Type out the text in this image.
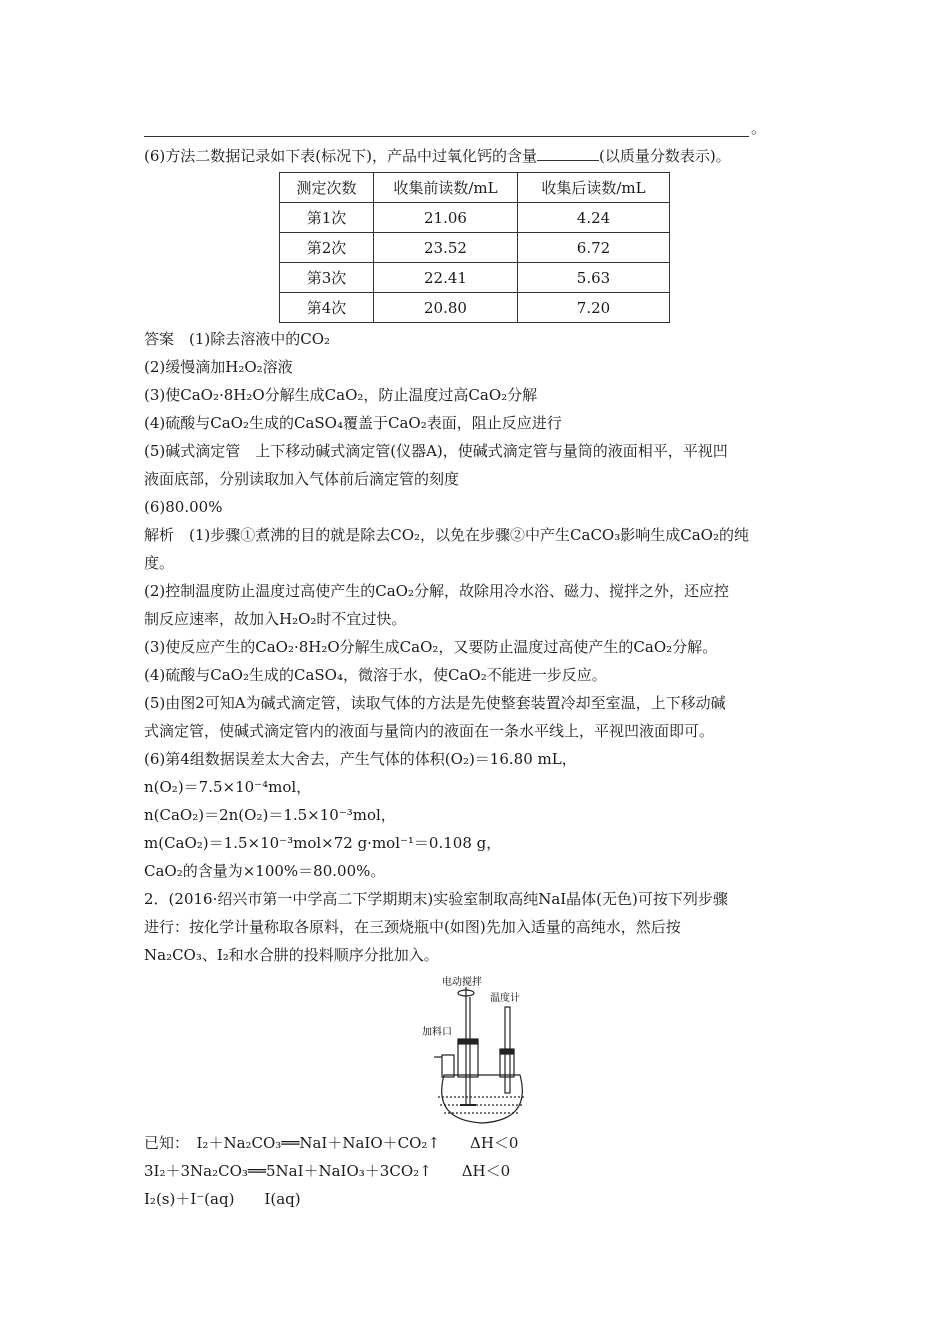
。

(6)方法二数据记录如下表(标况下)，产品中过氧化钙的含量	(以质量分数表示)。

测定次数	收集前读数/mL	收集后读数/mL
第1次	21.06	4.24
第2次	23.52	6.72
第3次	22.41	5.63
第4次	20.80	7.20

答案　(1)除去溶液中的CO₂

(2)缓慢滴加H₂O₂溶液

(3)使CaO₂·8H₂O分解生成CaO₂，防止温度过高CaO₂分解

(4)硫酸与CaO₂生成的CaSO₄覆盖于CaO₂表面，阻止反应进行

(5)碱式滴定管　上下移动碱式滴定管(仪器A)，使碱式滴定管与量筒的液面相平，平视凹

液面底部，分别读取加入气体前后滴定管的刻度

(6)80.00%

解析　(1)步骤①煮沸的目的就是除去CO₂，以免在步骤②中产生CaCO₃影响生成CaO₂的纯

度。

(2)控制温度防止温度过高使产生的CaO₂分解，故除用冷水浴、磁力、搅拌之外，还应控

制反应速率，故加入H₂O₂时不宜过快。

(3)使反应产生的CaO₂·8H₂O分解生成CaO₂，又要防止温度过高使产生的CaO₂分解。

(4)硫酸与CaO₂生成的CaSO₄，微溶于水，使CaO₂不能进一步反应。

(5)由图2可知A为碱式滴定管，读取气体的方法是先使整套装置冷却至室温，上下移动碱

式滴定管，使碱式滴定管内的液面与量筒内的液面在一条水平线上，平视凹液面即可。

(6)第4组数据误差太大舍去，产生气体的体积(O₂)＝16.80 mL，

n(O₂)＝7.5×10⁻⁴mol，

n(CaO₂)＝2n(O₂)＝1.5×10⁻³mol，

m(CaO₂)＝1.5×10⁻³mol×72 g·mol⁻¹＝0.108 g，

CaO₂的含量为×100%＝80.00%。

2．(2016·绍兴市第一中学高二下学期期末)实验室制取高纯NaI晶体(无色)可按下列步骤

进行：按化学计量称取各原料，在三颈烧瓶中(如图)先加入适量的高纯水，然后按

Na₂CO₃、I₂和水合肼的投料顺序分批加入。

电动搅拌
温度计
加料口

已知：　I₂＋Na₂CO₃══NaI＋NaIO＋CO₂↑　　ΔH＜0

3I₂＋3Na₂CO₃══5NaI＋NaIO₃＋3CO₂↑　　ΔH＜0

I₂(s)＋I⁻(aq)　　I(aq)
